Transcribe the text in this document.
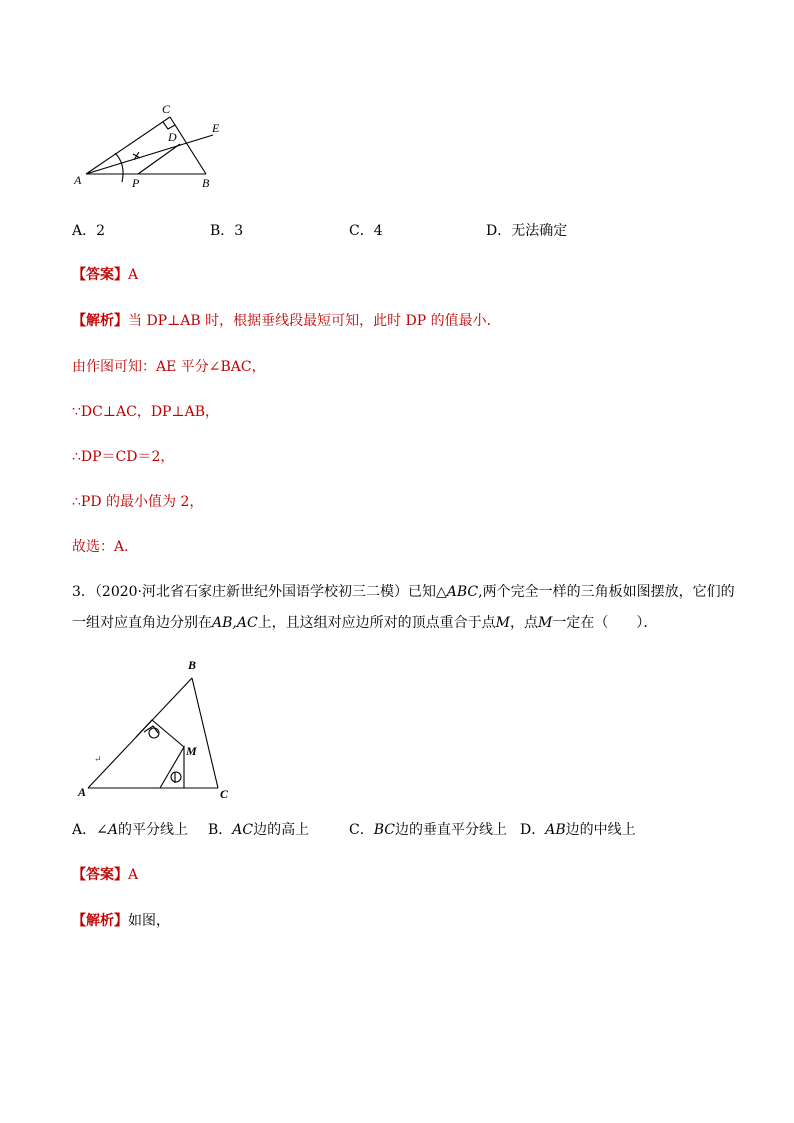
C
D
E
A	P	B
A．2	B．3	C．4	D．无法确定
【答案】A
【解析】当 DP⊥AB 时，根据垂线段最短可知，此时 DP 的值最小．
由作图可知：AE 平分∠BAC，
∵DC⊥AC，DP⊥AB，
∴DP＝CD＝2，
∴PD 的最小值为 2，
故选：A．
3．（2020·河北省石家庄新世纪外国语学校初三二模）已知△ABC,两个完全一样的三角板如图摆放，它们的
一组对应直角边分别在AB,AC上，且这组对应边所对的顶点重合于点M，点M一定在（　　）．
B
M
A	C
↵
A．∠A的平分线上 B．AC边的高上	C．BC边的垂直平分线上 D．AB边的中线上
【答案】A
【解析】如图，
